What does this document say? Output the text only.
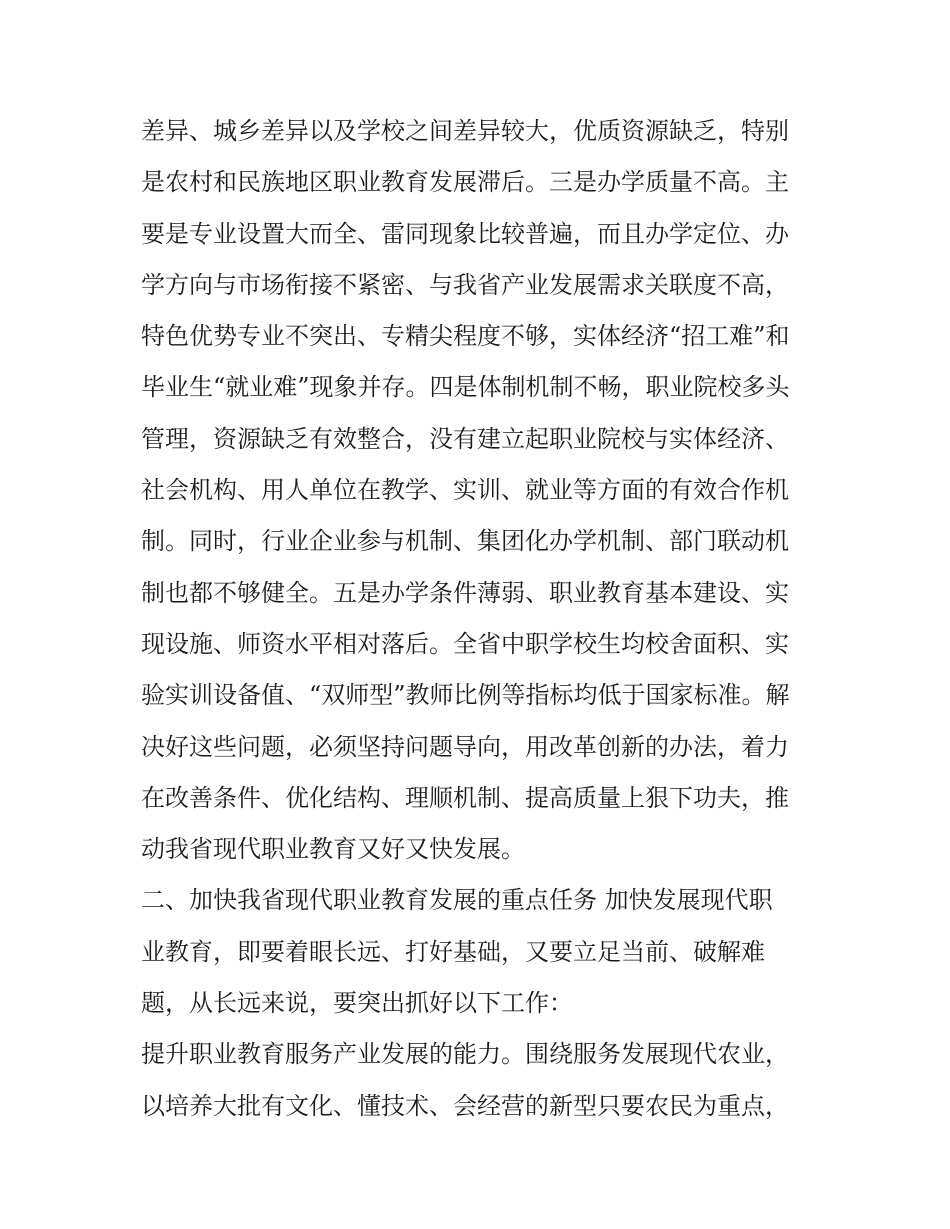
差异、城乡差异以及学校之间差异较大，优质资源缺乏，特别
是农村和民族地区职业教育发展滞后。三是办学质量不高。主
要是专业设置大而全、雷同现象比较普遍，而且办学定位、办
学方向与市场衔接不紧密、与我省产业发展需求关联度不高，
特色优势专业不突出、专精尖程度不够，实体经济“招工难”和
毕业生“就业难”现象并存。四是体制机制不畅，职业院校多头
管理，资源缺乏有效整合，没有建立起职业院校与实体经济、
社会机构、用人单位在教学、实训、就业等方面的有效合作机
制。同时，行业企业参与机制、集团化办学机制、部门联动机
制也都不够健全。五是办学条件薄弱、职业教育基本建设、实
现设施、师资水平相对落后。全省中职学校生均校舍面积、实
验实训设备值、“双师型”教师比例等指标均低于国家标准。解
决好这些问题，必须坚持问题导向，用改革创新的办法，着力
在改善条件、优化结构、理顺机制、提高质量上狠下功夫，推
动我省现代职业教育又好又快发展。
二、加快我省现代职业教育发展的重点任务 加快发展现代职
业教育，即要着眼长远、打好基础，又要立足当前、破解难
题，从长远来说，要突出抓好以下工作：
提升职业教育服务产业发展的能力。围绕服务发展现代农业，
以培养大批有文化、懂技术、会经营的新型只要农民为重点，
